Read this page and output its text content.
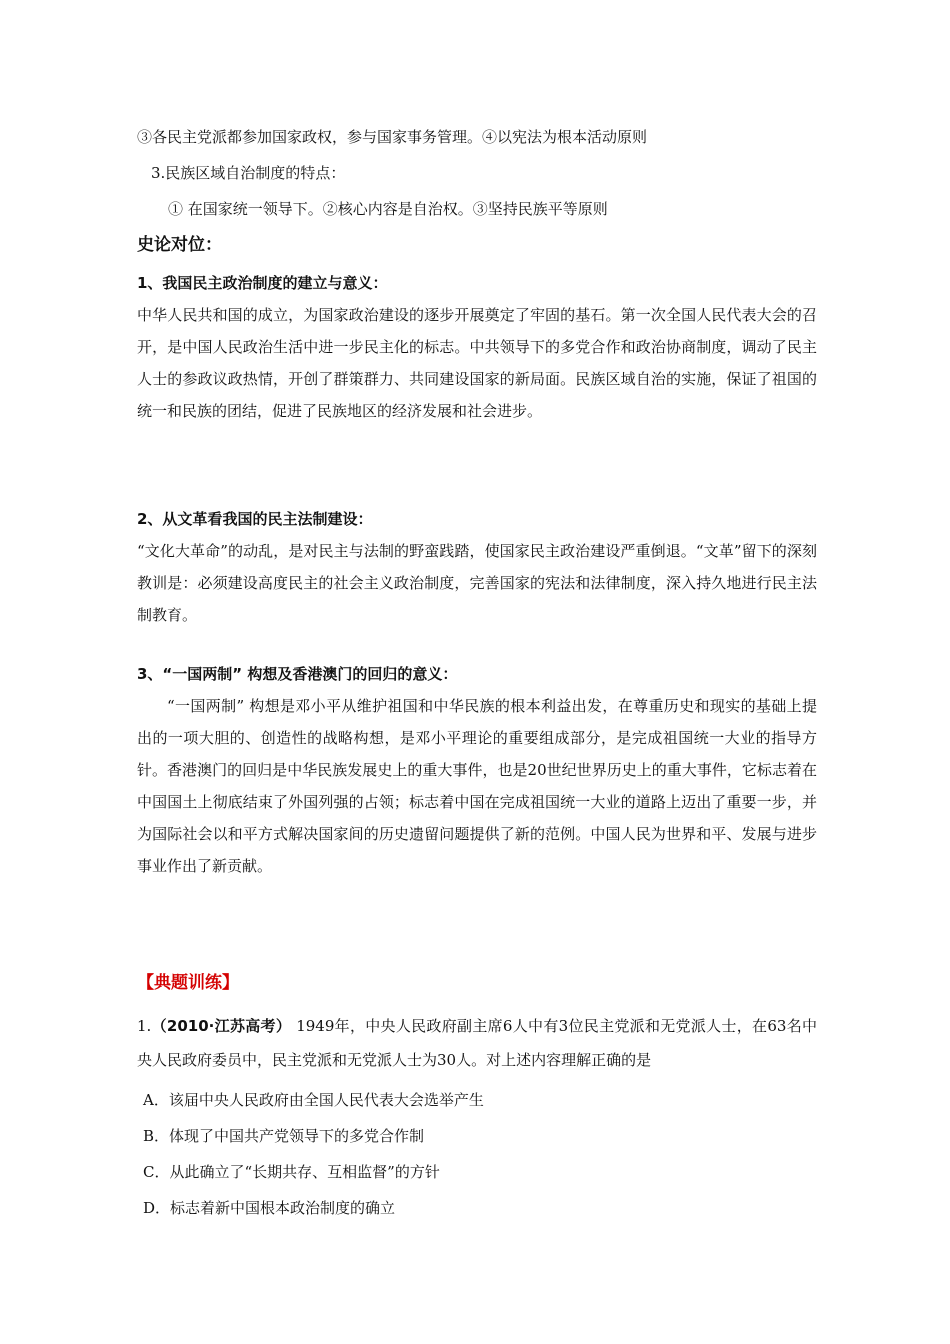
③各民主党派都参加国家政权，参与国家事务管理。④以宪法为根本活动原则
3.民族区域自治制度的特点：
① 在国家统一领导下。②核心内容是自治权。③坚持民族平等原则
史论对位：
1、我国民主政治制度的建立与意义：
中华人民共和国的成立，为国家政治建设的逐步开展奠定了牢固的基石。第一次全国人民代表大会的召开，是中国人民政治生活中进一步民主化的标志。中共领导下的多党合作和政治协商制度，调动了民主人士的参政议政热情，开创了群策群力、共同建设国家的新局面。民族区域自治的实施，保证了祖国的统一和民族的团结，促进了民族地区的经济发展和社会进步。
2、从文革看我国的民主法制建设：
“文化大革命”的动乱，是对民主与法制的野蛮践踏，使国家民主政治建设严重倒退。“文革”留下的深刻教训是：必须建设高度民主的社会主义政治制度，完善国家的宪法和法律制度，深入持久地进行民主法制教育。
3、“一国两制” 构想及香港澳门的回归的意义：
“一国两制” 构想是邓小平从维护祖国和中华民族的根本利益出发，在尊重历史和现实的基础上提出的一项大胆的、创造性的战略构想，是邓小平理论的重要组成部分，是完成祖国统一大业的指导方针。香港澳门的回归是中华民族发展史上的重大事件，也是20世纪世界历史上的重大事件，它标志着在中国国土上彻底结束了外国列强的占领；标志着中国在完成祖国统一大业的道路上迈出了重要一步，并为国际社会以和平方式解决国家间的历史遗留问题提供了新的范例。中国人民为世界和平、发展与进步事业作出了新贡献。
【典题训练】
1.（2010·江苏高考） 1949年，中央人民政府副主席6人中有3位民主党派和无党派人士，在63名中央人民政府委员中，民主党派和无党派人士为30人。对上述内容理解正确的是
A．该届中央人民政府由全国人民代表大会选举产生
B．体现了中国共产党领导下的多党合作制
C．从此确立了“长期共存、互相监督”的方针
D．标志着新中国根本政治制度的确立
